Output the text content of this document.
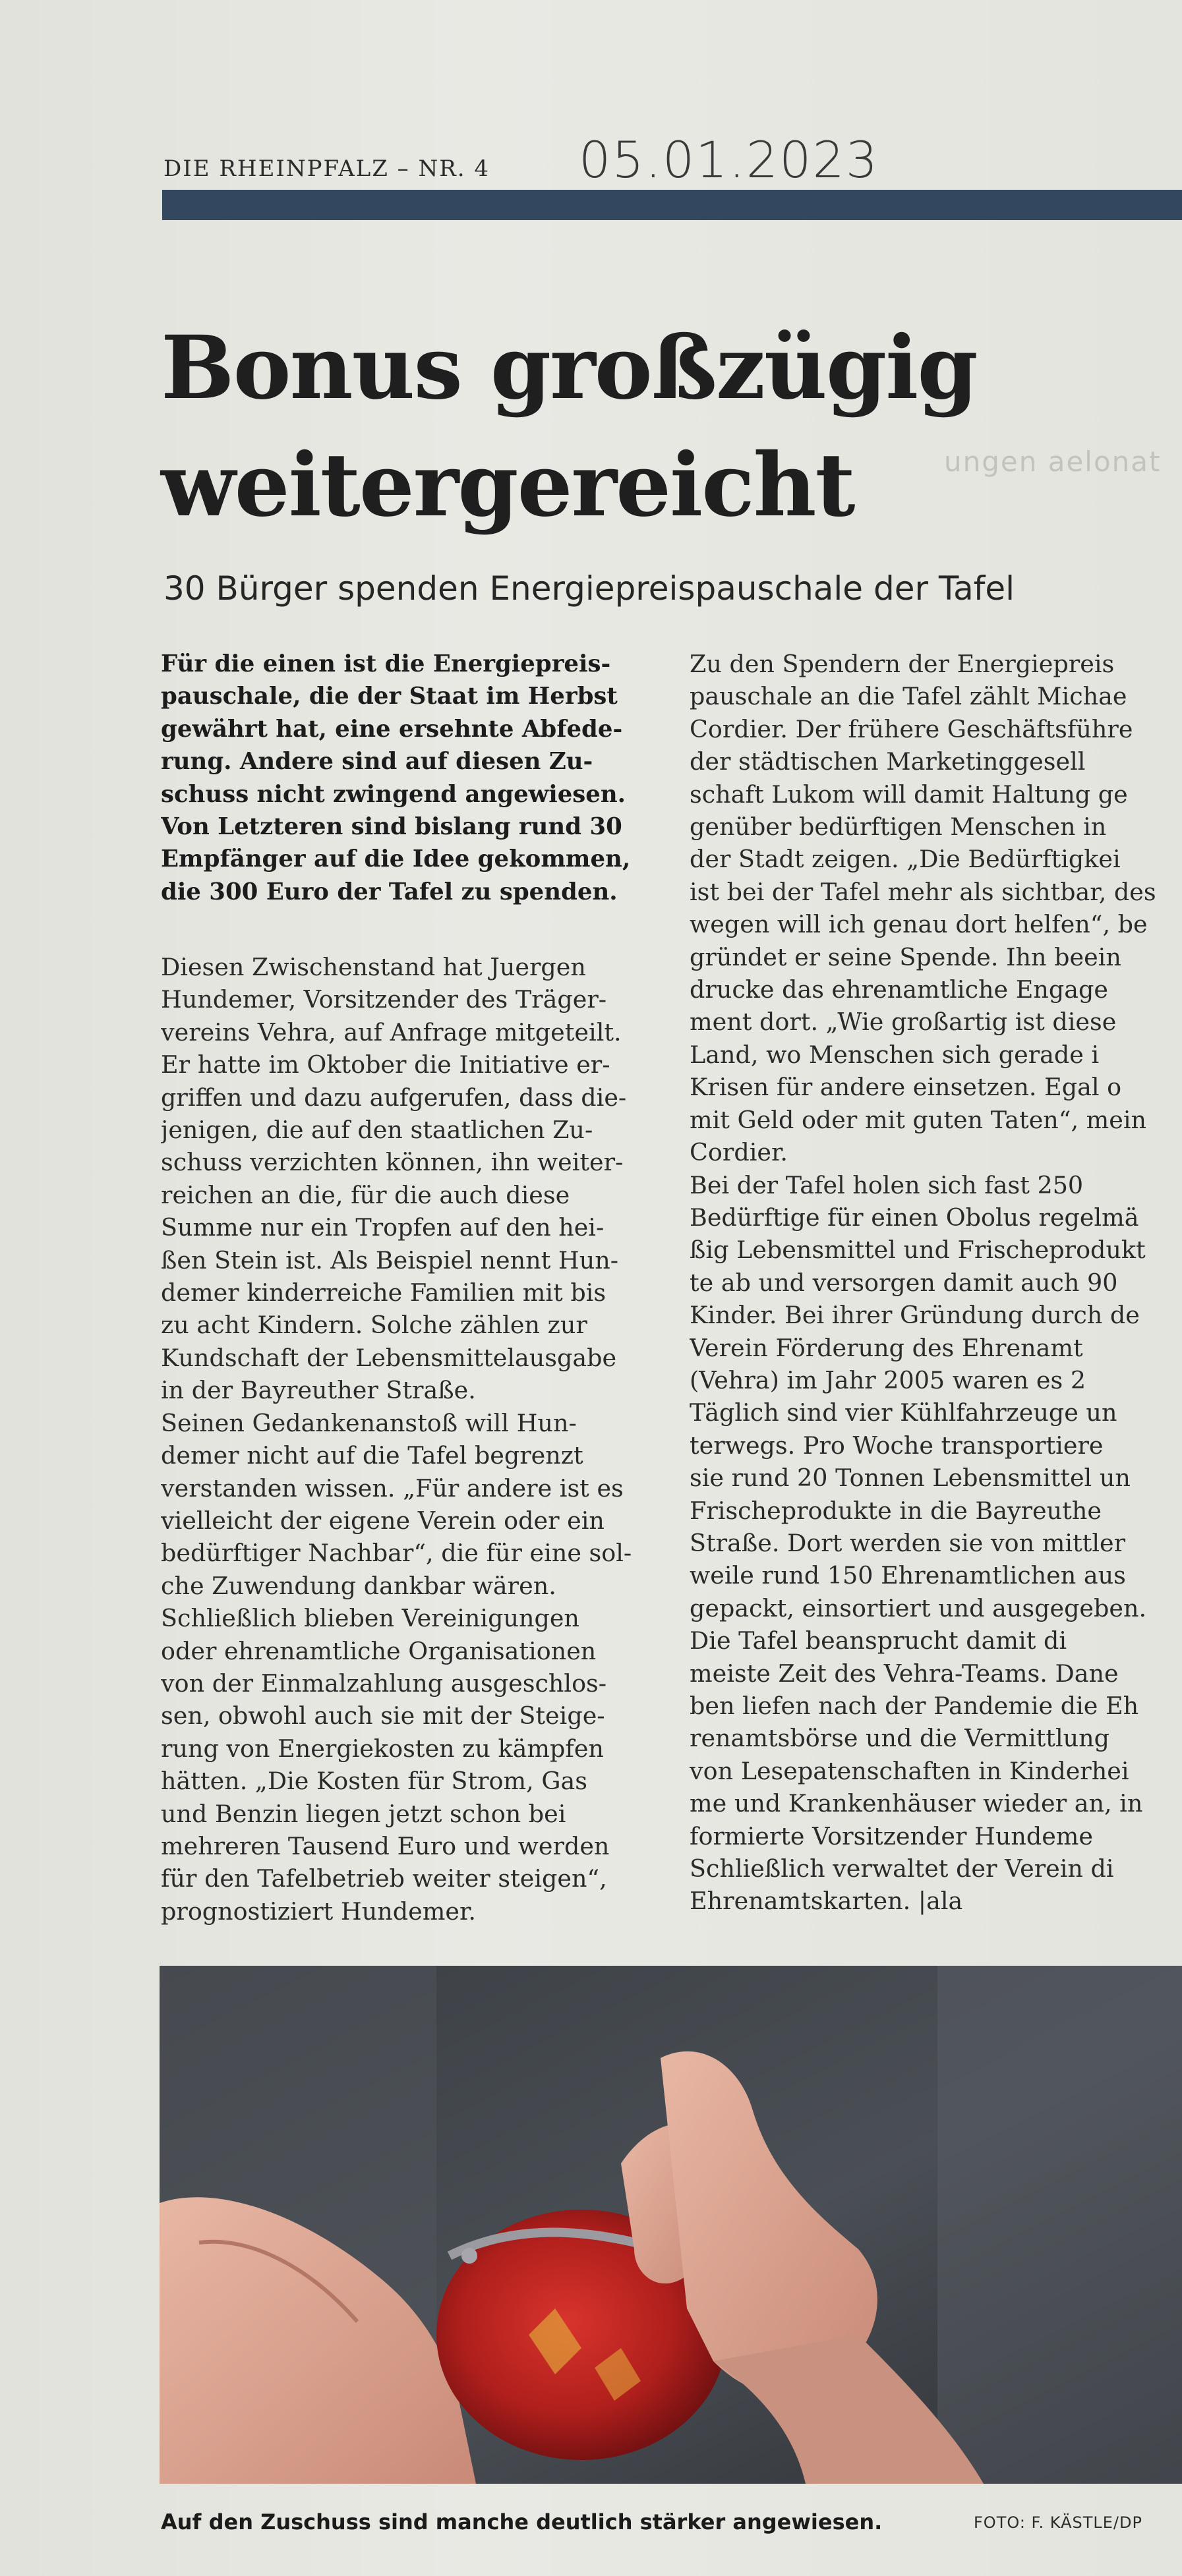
DIE RHEINPFALZ – NR. 4 05.01.2023
ungen aelonat
Bonus großzügig
weitergereicht
30 Bürger spenden Energiepreispauschale der Tafel
Für die einen ist die Energiepreis-
pauschale, die der Staat im Herbst
gewährt hat, eine ersehnte Abfede-
rung. Andere sind auf diesen Zu-
schuss nicht zwingend angewiesen.
Von Letzteren sind bislang rund 30
Empfänger auf die Idee gekommen,
die 300 Euro der Tafel zu spenden.
Diesen Zwischenstand hat Juergen
Hundemer, Vorsitzender des Träger-
vereins Vehra, auf Anfrage mitgeteilt.
Er hatte im Oktober die Initiative er-
griffen und dazu aufgerufen, dass die-
jenigen, die auf den staatlichen Zu-
schuss verzichten können, ihn weiter-
reichen an die, für die auch diese
Summe nur ein Tropfen auf den hei-
ßen Stein ist. Als Beispiel nennt Hun-
demer kinderreiche Familien mit bis
zu acht Kindern. Solche zählen zur
Kundschaft der Lebensmittelausgabe
in der Bayreuther Straße.
Seinen Gedankenanstoß will Hun-
demer nicht auf die Tafel begrenzt
verstanden wissen. „Für andere ist es
vielleicht der eigene Verein oder ein
bedürftiger Nachbar“, die für eine sol-
che Zuwendung dankbar wären.
Schließlich blieben Vereinigungen
oder ehrenamtliche Organisationen
von der Einmalzahlung ausgeschlos-
sen, obwohl auch sie mit der Steige-
rung von Energiekosten zu kämpfen
hätten. „Die Kosten für Strom, Gas
und Benzin liegen jetzt schon bei
mehreren Tausend Euro und werden
für den Tafelbetrieb weiter steigen“,
prognostiziert Hundemer.
Zu den Spendern der Energiepreis
pauschale an die Tafel zählt Michae
Cordier. Der frühere Geschäftsführe
der städtischen Marketinggesell
schaft Lukom will damit Haltung ge
genüber bedürftigen Menschen in
der Stadt zeigen. „Die Bedürftigkei
ist bei der Tafel mehr als sichtbar, des
wegen will ich genau dort helfen“, be
gründet er seine Spende. Ihn beein
drucke das ehrenamtliche Engage
ment dort. „Wie großartig ist diese
Land, wo Menschen sich gerade i
Krisen für andere einsetzen. Egal o
mit Geld oder mit guten Taten“, mein
Cordier.
Bei der Tafel holen sich fast 250
Bedürftige für einen Obolus regelmä
ßig Lebensmittel und Frischeprodukt
te ab und versorgen damit auch 90
Kinder. Bei ihrer Gründung durch de
Verein Förderung des Ehrenamt
(Vehra) im Jahr 2005 waren es 2
Täglich sind vier Kühlfahrzeuge un
terwegs. Pro Woche transportiere
sie rund 20 Tonnen Lebensmittel un
Frischeprodukte in die Bayreuthe
Straße. Dort werden sie von mittler
weile rund 150 Ehrenamtlichen aus
gepackt, einsortiert und ausgegeben.
Die Tafel beansprucht damit di
meiste Zeit des Vehra-Teams. Dane
ben liefen nach der Pandemie die Eh
renamtsbörse und die Vermittlung
von Lesepatenschaften in Kinderhei
me und Krankenhäuser wieder an, in
formierte Vorsitzender Hundeme
Schließlich verwaltet der Verein di
Ehrenamtskarten. |ala
Auf den Zuschuss sind manche deutlich stärker angewiesen.	FOTO: F. KÄSTLE/DP
